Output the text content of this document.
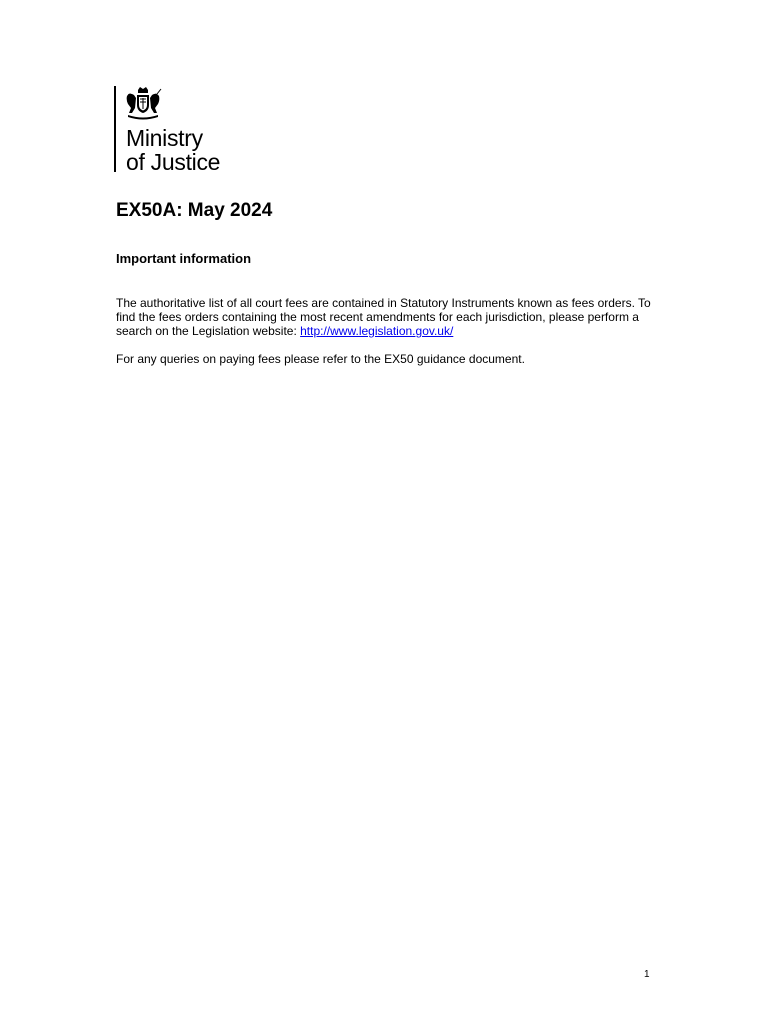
Ministry
of Justice
EX50A: May 2024
Important information

The authoritative list of all court fees are contained in Statutory Instruments known as fees orders. To find the fees orders containing the most recent amendments for each jurisdiction, please perform a search on the Legislation website: http://www.legislation.gov.uk/

For any queries on paying fees please refer to the EX50 guidance document.

1
